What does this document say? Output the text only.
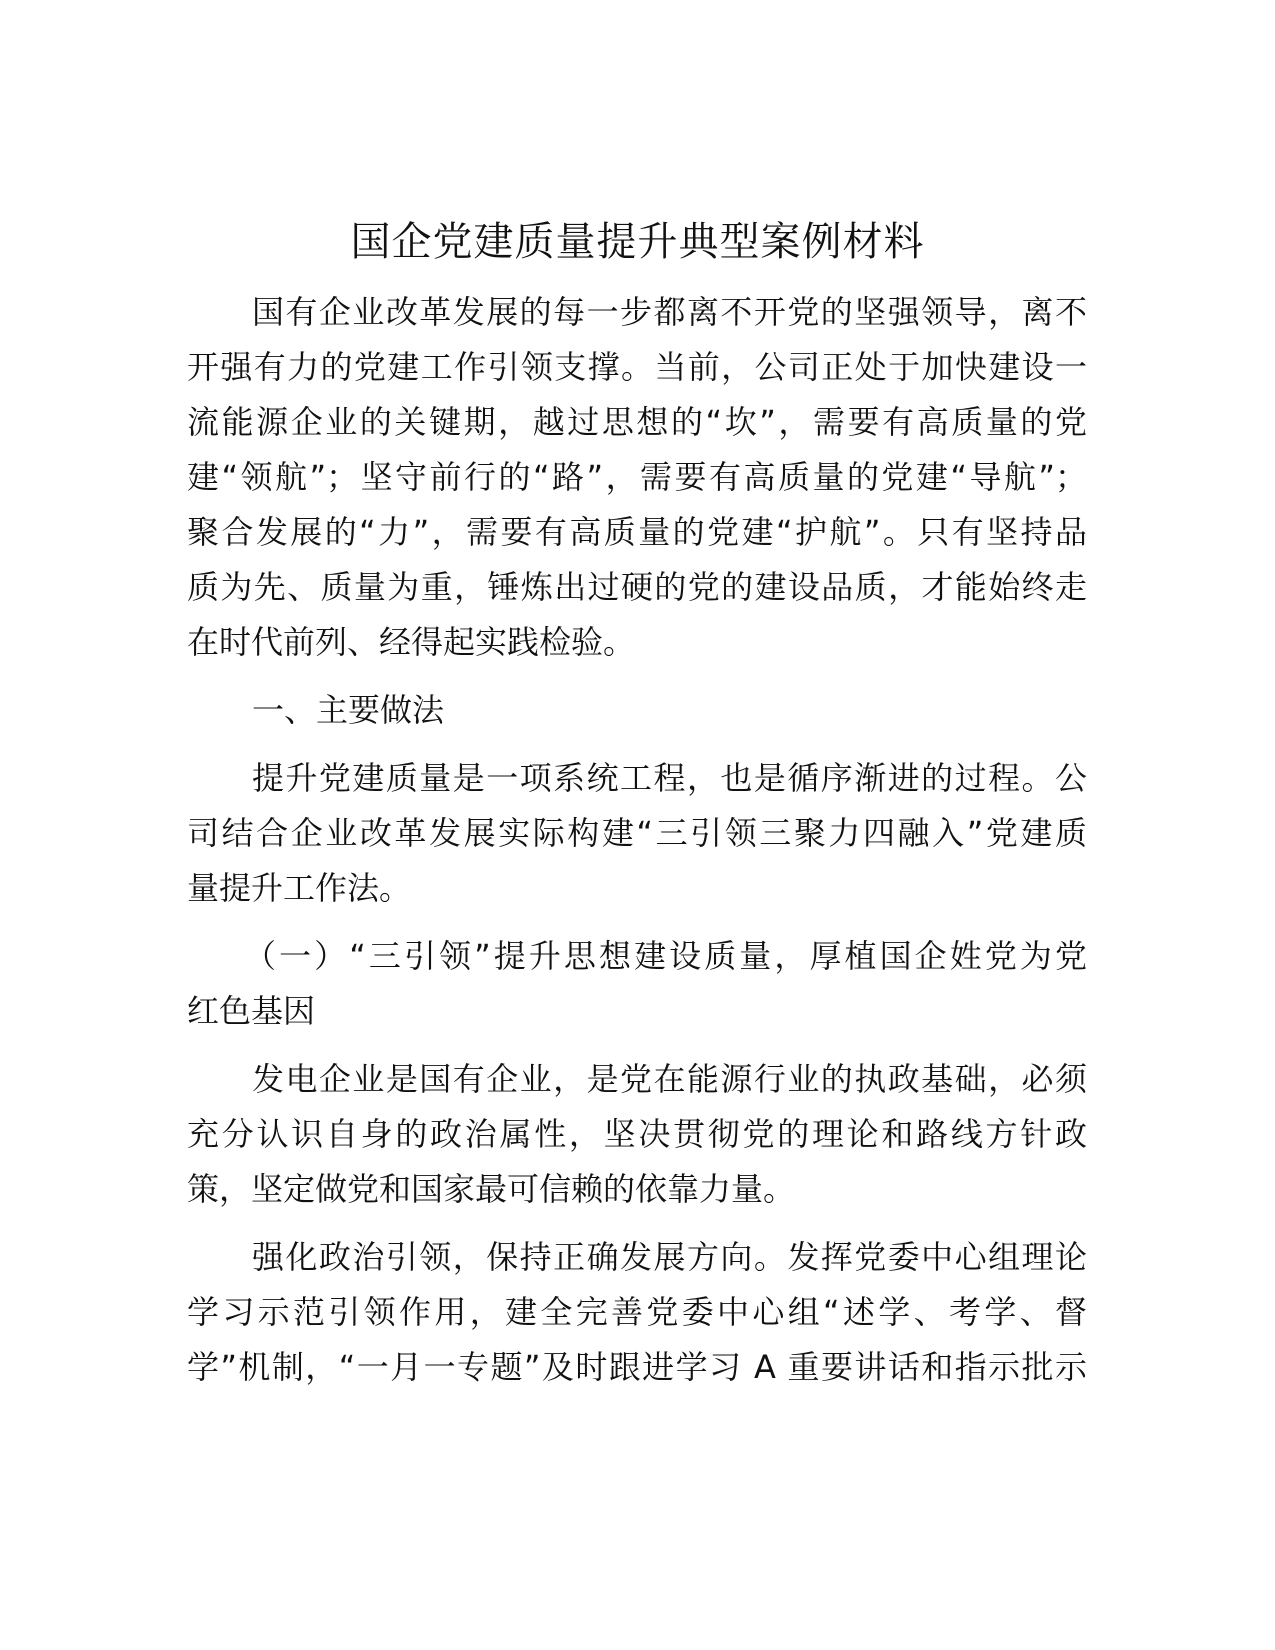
国企党建质量提升典型案例材料
国有企业改革发展的每一步都离不开党的坚强领导，离不
开强有力的党建工作引领支撑。当前，公司正处于加快建设一
流能源企业的关键期，越过思想的“坎”，需要有高质量的党
建“领航”；坚守前行的“路”，需要有高质量的党建“导航”；
聚合发展的“力”，需要有高质量的党建“护航”。只有坚持品
质为先、质量为重，锤炼出过硬的党的建设品质，才能始终走
在时代前列、经得起实践检验。
一、主要做法
提升党建质量是一项系统工程，也是循序渐进的过程。公
司结合企业改革发展实际构建“三引领三聚力四融入”党建质
量提升工作法。
（一）“三引领”提升思想建设质量，厚植国企姓党为党
红色基因
发电企业是国有企业，是党在能源行业的执政基础，必须
充分认识自身的政治属性，坚决贯彻党的理论和路线方针政
策，坚定做党和国家最可信赖的依靠力量。
强化政治引领，保持正确发展方向。发挥党委中心组理论
学习示范引领作用，建全完善党委中心组“述学、考学、督
学”机制，“一月一专题”及时跟进学习 A 重要讲话和指示批示
